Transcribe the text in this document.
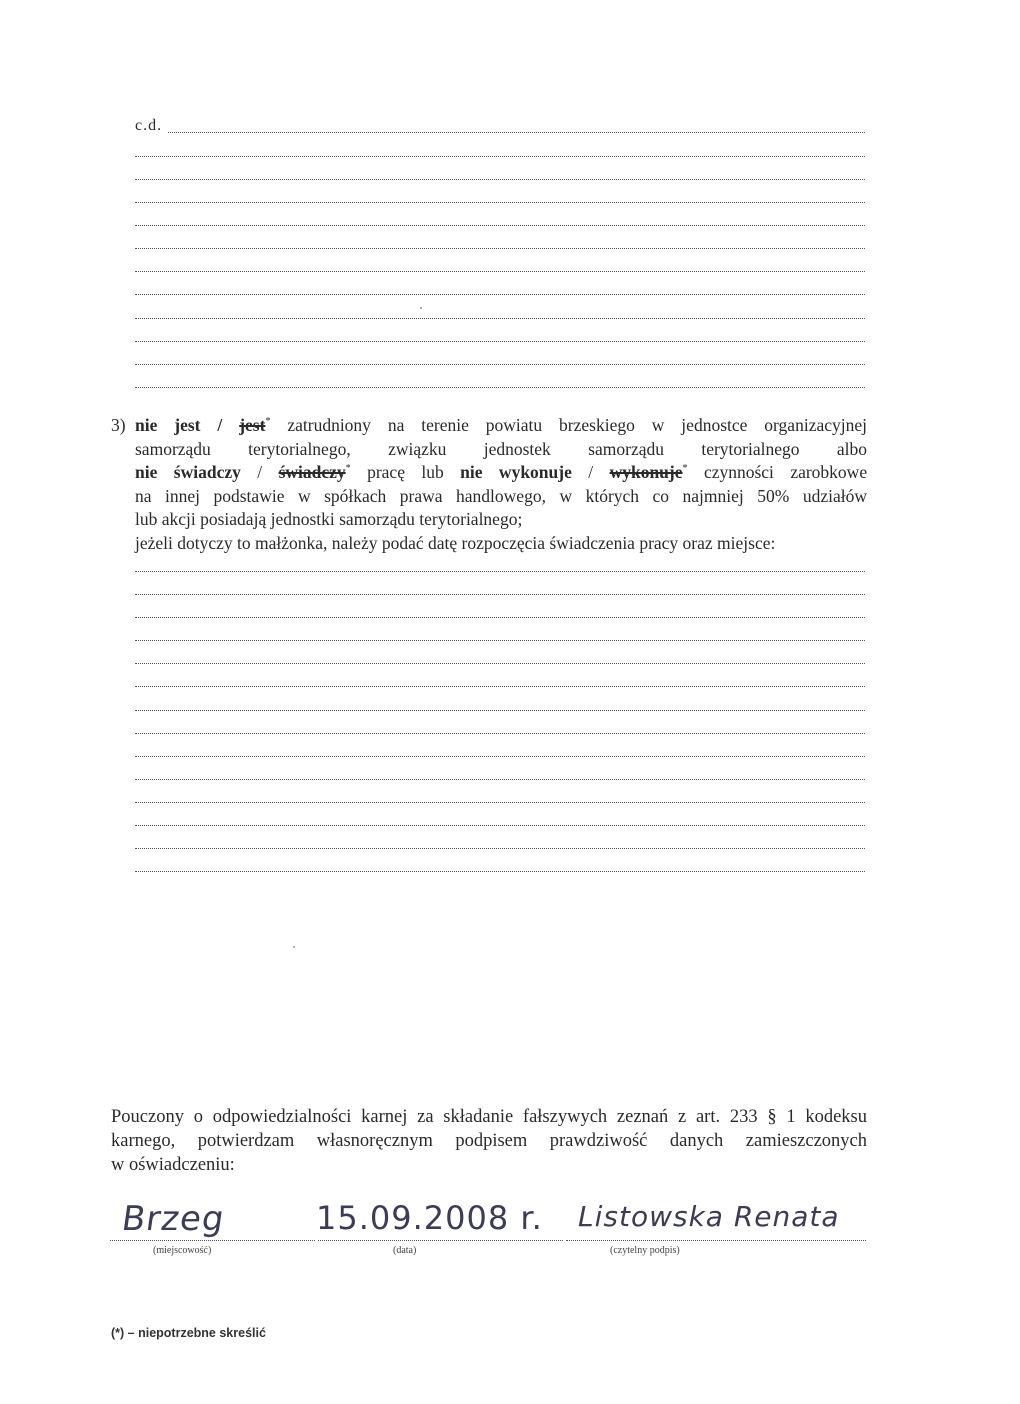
c.d.
3) nie jest / jest* zatrudniony na terenie powiatu brzeskiego w jednostce organizacyjnej
samorządu terytorialnego, związku jednostek samorządu terytorialnego albo
nie świadczy / świadczy* pracę lub nie wykonuje / wykonuje* czynności zarobkowe
na innej podstawie w spółkach prawa handlowego, w których co najmniej 50% udziałów
lub akcji posiadają jednostki samorządu terytorialnego;
jeżeli dotyczy to małżonka, należy podać datę rozpoczęcia świadczenia pracy oraz miejsce:
Pouczony o odpowiedzialności karnej za składanie fałszywych zeznań z art. 233 § 1 kodeksu
karnego, potwierdzam własnoręcznym podpisem prawdziwość danych zamieszczonych
w oświadczeniu:
Brzeg	15.09.2008 r. Listowska Renata
(miejscowość)	(data)	(czytelny podpis)
(*) – niepotrzebne skreślić
